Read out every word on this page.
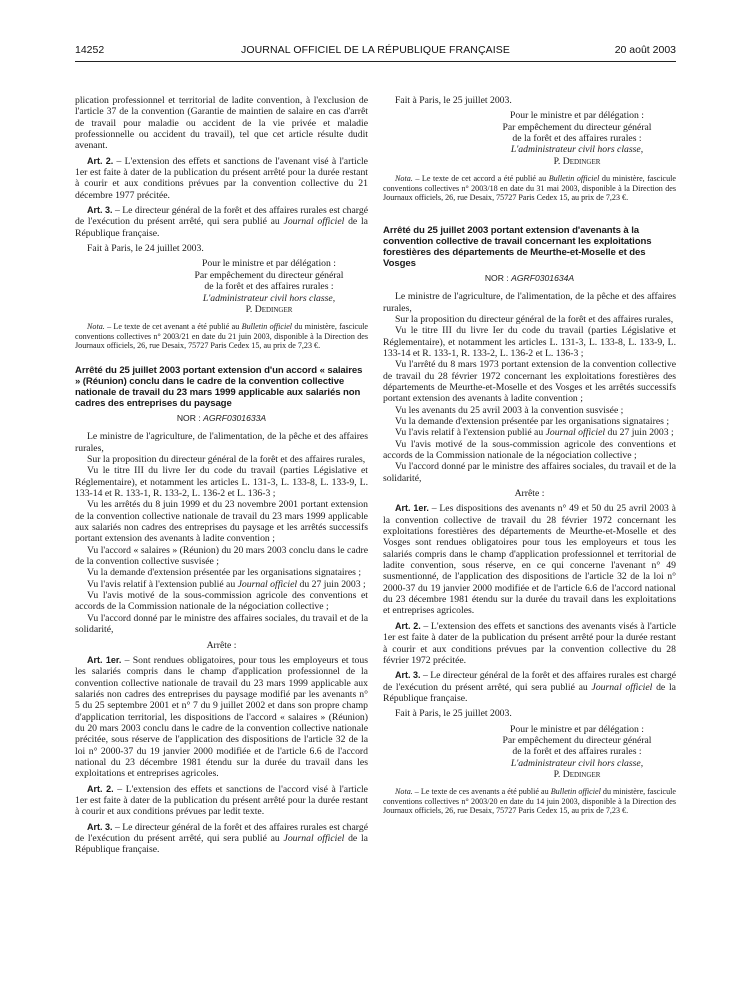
14252	JOURNAL OFFICIEL DE LA RÉPUBLIQUE FRANÇAISE	20 août 2003

plication professionnel et territorial de ladite convention, à l'exclusion de l'article 37 de la convention (Garantie de maintien de salaire en cas d'arrêt de travail pour maladie ou accident de la vie privée et maladie professionnelle ou accident du travail), tel que cet article résulte dudit avenant.

Art. 2. – L'extension des effets et sanctions de l'avenant visé à l'article 1er est faite à dater de la publication du présent arrêté pour la durée restant à courir et aux conditions prévues par la convention collective du 21 décembre 1977 précitée.

Art. 3. – Le directeur général de la forêt et des affaires rurales est chargé de l'exécution du présent arrêté, qui sera publié au Journal officiel de la République française.

Fait à Paris, le 24 juillet 2003.

Pour le ministre et par délégation :

Par empêchement du directeur général

de la forêt et des affaires rurales :

L'administrateur civil hors classe,

P. Dedinger

Nota. – Le texte de cet avenant a été publié au Bulletin officiel du ministère, fascicule conventions collectives n° 2003/21 en date du 21 juin 2003, disponible à la Direction des Journaux officiels, 26, rue Desaix, 75727 Paris Cedex 15, au prix de 7,23 €.

Arrêté du 25 juillet 2003 portant extension d'un accord « salaires » (Réunion) conclu dans le cadre de la convention collective nationale de travail du 23 mars 1999 applicable aux salariés non cadres des entreprises du paysage

NOR : AGRF0301633A

Le ministre de l'agriculture, de l'alimentation, de la pêche et des affaires rurales,

Sur la proposition du directeur général de la forêt et des affaires rurales,

Vu le titre III du livre Ier du code du travail (parties Législative et Réglementaire), et notamment les articles L. 131-3, L. 133-8, L. 133-9, L. 133-14 et R. 133-1, R. 133-2, L. 136-2 et L. 136-3 ;

Vu les arrêtés du 8 juin 1999 et du 23 novembre 2001 portant extension de la convention collective nationale de travail du 23 mars 1999 applicable aux salariés non cadres des entreprises du paysage et les arrêtés successifs portant extension des avenants à ladite convention ;

Vu l'accord « salaires » (Réunion) du 20 mars 2003 conclu dans le cadre de la convention collective susvisée ;

Vu la demande d'extension présentée par les organisations signataires ;

Vu l'avis relatif à l'extension publié au Journal officiel du 27 juin 2003 ;

Vu l'avis motivé de la sous-commission agricole des conventions et accords de la Commission nationale de la négociation collective ;

Vu l'accord donné par le ministre des affaires sociales, du travail et de la solidarité,

Arrête :

Art. 1er. – Sont rendues obligatoires, pour tous les employeurs et tous les salariés compris dans le champ d'application professionnel de la convention collective nationale de travail du 23 mars 1999 applicable aux salariés non cadres des entreprises du paysage modifié par les avenants n° 5 du 25 septembre 2001 et n° 7 du 9 juillet 2002 et dans son propre champ d'application territorial, les dispositions de l'accord « salaires » (Réunion) du 20 mars 2003 conclu dans le cadre de la convention collective nationale précitée, sous réserve de l'application des dispositions de l'article 32 de la loi n° 2000-37 du 19 janvier 2000 modifiée et de l'article 6.6 de l'accord national du 23 décembre 1981 étendu sur la durée du travail dans les exploitations et entreprises agricoles.

Art. 2. – L'extension des effets et sanctions de l'accord visé à l'article 1er est faite à dater de la publication du présent arrêté pour la durée restant à courir et aux conditions prévues par ledit texte.

Art. 3. – Le directeur général de la forêt et des affaires rurales est chargé de l'exécution du présent arrêté, qui sera publié au Journal officiel de la République française.

Fait à Paris, le 25 juillet 2003.

Pour le ministre et par délégation :

Par empêchement du directeur général

de la forêt et des affaires rurales :

L'administrateur civil hors classe,

P. Dedinger

Nota. – Le texte de cet accord a été publié au Bulletin officiel du ministère, fascicule conventions collectives n° 2003/18 en date du 31 mai 2003, disponible à la Direction des Journaux officiels, 26, rue Desaix, 75727 Paris Cedex 15, au prix de 7,23 €.

Arrêté du 25 juillet 2003 portant extension d'avenants à la convention collective de travail concernant les exploitations forestières des départements de Meurthe-et-Moselle et des Vosges

NOR : AGRF0301634A

Le ministre de l'agriculture, de l'alimentation, de la pêche et des affaires rurales,

Sur la proposition du directeur général de la forêt et des affaires rurales,

Vu le titre III du livre Ier du code du travail (parties Législative et Réglementaire), et notamment les articles L. 131-3, L. 133-8, L. 133-9, L. 133-14 et R. 133-1, R. 133-2, L. 136-2 et L. 136-3 ;

Vu l'arrêté du 8 mars 1973 portant extension de la convention collective de travail du 28 février 1972 concernant les exploitations forestières des départements de Meurthe-et-Moselle et des Vosges et les arrêtés successifs portant extension des avenants à ladite convention ;

Vu les avenants du 25 avril 2003 à la convention susvisée ;

Vu la demande d'extension présentée par les organisations signataires ;

Vu l'avis relatif à l'extension publié au Journal officiel du 27 juin 2003 ;

Vu l'avis motivé de la sous-commission agricole des conventions et accords de la Commission nationale de la négociation collective ;

Vu l'accord donné par le ministre des affaires sociales, du travail et de la solidarité,

Arrête :

Art. 1er. – Les dispositions des avenants n° 49 et 50 du 25 avril 2003 à la convention collective de travail du 28 février 1972 concernant les exploitations forestières des départements de Meurthe-et-Moselle et des Vosges sont rendues obligatoires pour tous les employeurs et tous les salariés compris dans le champ d'application professionnel et territorial de ladite convention, sous réserve, en ce qui concerne l'avenant n° 49 susmentionné, de l'application des dispositions de l'article 32 de la loi n° 2000-37 du 19 janvier 2000 modifiée et de l'article 6.6 de l'accord national du 23 décembre 1981 étendu sur la durée du travail dans les exploitations et entreprises agricoles.

Art. 2. – L'extension des effets et sanctions des avenants visés à l'article 1er est faite à dater de la publication du présent arrêté pour la durée restant à courir et aux conditions prévues par la convention collective du 28 février 1972 précitée.

Art. 3. – Le directeur général de la forêt et des affaires rurales est chargé de l'exécution du présent arrêté, qui sera publié au Journal officiel de la République française.

Fait à Paris, le 25 juillet 2003.

Pour le ministre et par délégation :

Par empêchement du directeur général

de la forêt et des affaires rurales :

L'administrateur civil hors classe,

P. Dedinger

Nota. – Le texte de ces avenants a été publié au Bulletin officiel du ministère, fascicule conventions collectives n° 2003/20 en date du 14 juin 2003, disponible à la Direction des Journaux officiels, 26, rue Desaix, 75727 Paris Cedex 15, au prix de 7,23 €.
